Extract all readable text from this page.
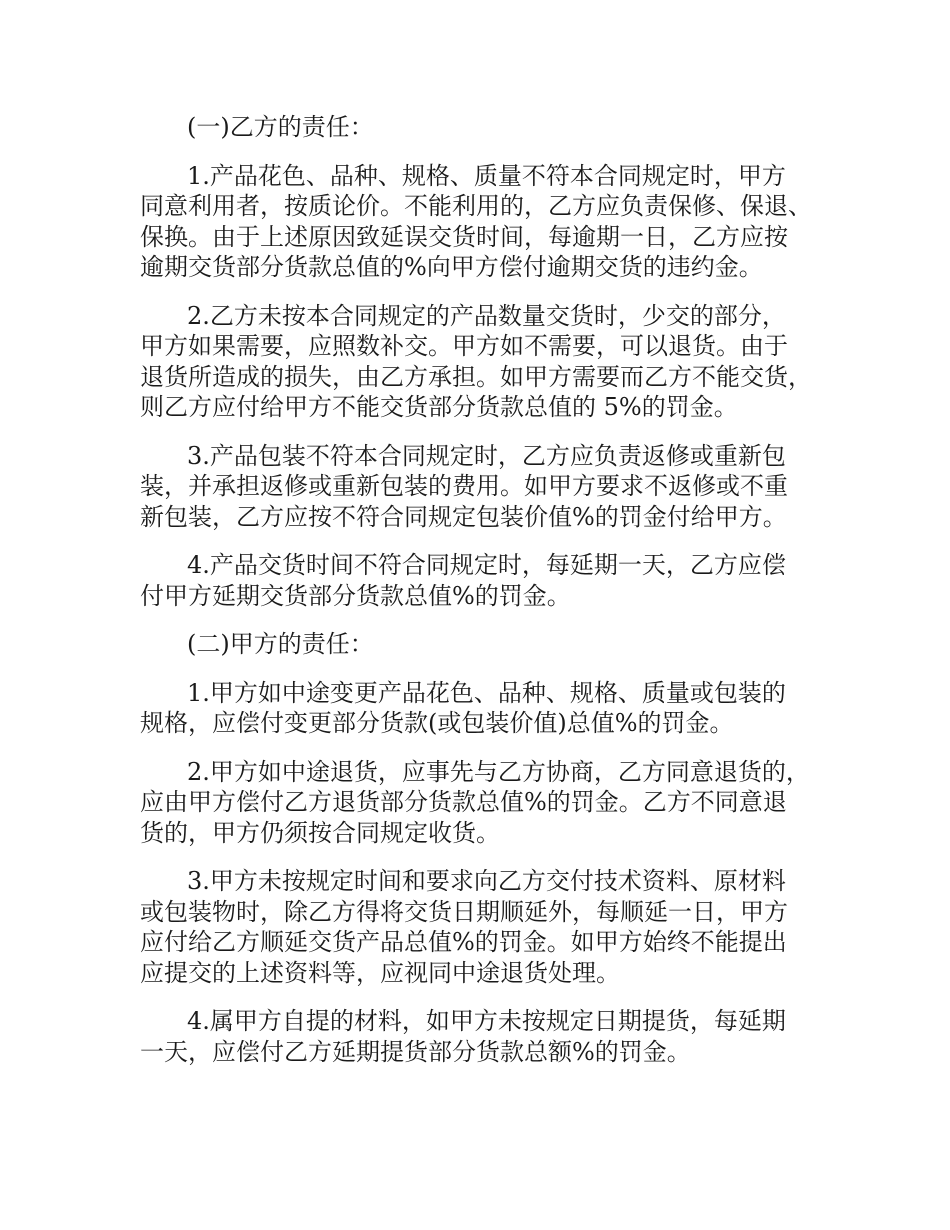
(一)乙方的责任：

1.产品花色、品种、规格、质量不符本合同规定时，甲方
同意利用者，按质论价。不能利用的，乙方应负责保修、保退、
保换。由于上述原因致延误交货时间，每逾期一日，乙方应按
逾期交货部分货款总值的%向甲方偿付逾期交货的违约金。

2.乙方未按本合同规定的产品数量交货时，少交的部分，
甲方如果需要，应照数补交。甲方如不需要，可以退货。由于
退货所造成的损失，由乙方承担。如甲方需要而乙方不能交货，
则乙方应付给甲方不能交货部分货款总值的 5%的罚金。

3.产品包装不符本合同规定时，乙方应负责返修或重新包
装，并承担返修或重新包装的费用。如甲方要求不返修或不重
新包装，乙方应按不符合同规定包装价值%的罚金付给甲方。

4.产品交货时间不符合同规定时，每延期一天，乙方应偿
付甲方延期交货部分货款总值%的罚金。

(二)甲方的责任：

1.甲方如中途变更产品花色、品种、规格、质量或包装的
规格，应偿付变更部分货款(或包装价值)总值%的罚金。

2.甲方如中途退货，应事先与乙方协商，乙方同意退货的，
应由甲方偿付乙方退货部分货款总值%的罚金。乙方不同意退
货的，甲方仍须按合同规定收货。

3.甲方未按规定时间和要求向乙方交付技术资料、原材料
或包装物时，除乙方得将交货日期顺延外，每顺延一日，甲方
应付给乙方顺延交货产品总值%的罚金。如甲方始终不能提出
应提交的上述资料等，应视同中途退货处理。

4.属甲方自提的材料，如甲方未按规定日期提货，每延期
一天，应偿付乙方延期提货部分货款总额%的罚金。
